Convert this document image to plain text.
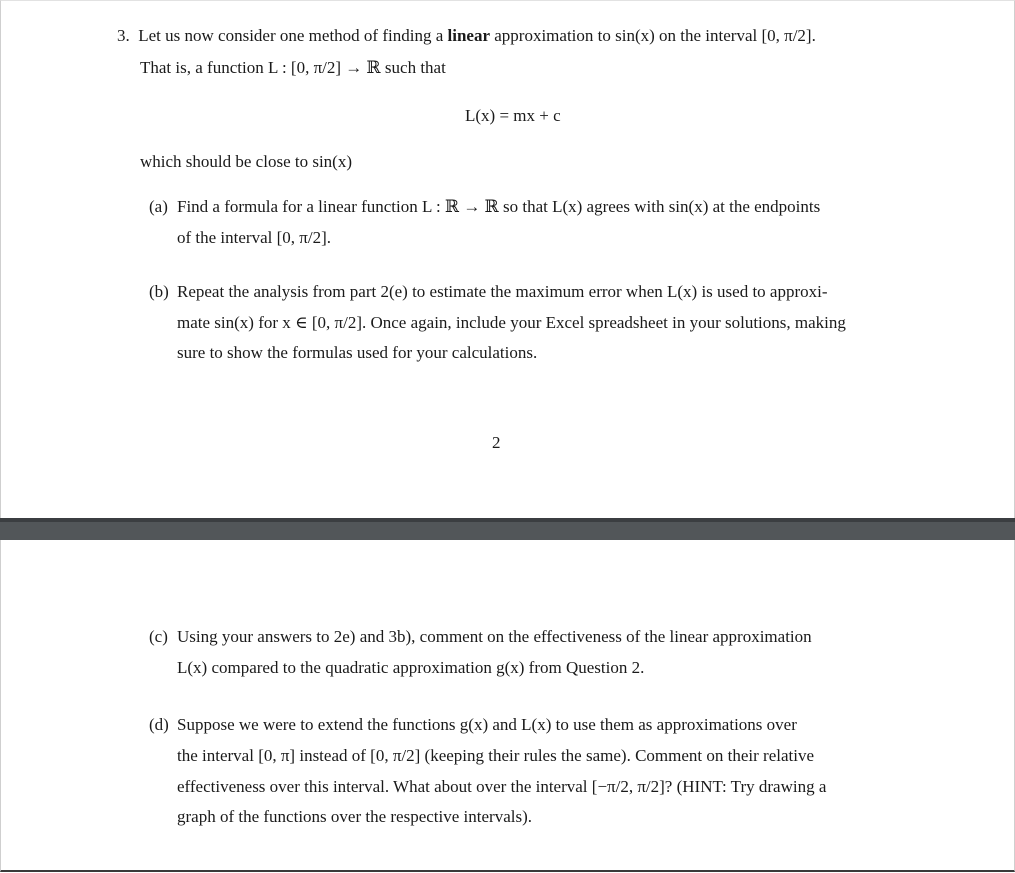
3. Let us now consider one method of finding a linear approximation to sin(x) on the interval [0, π/2].
That is, a function L : [0, π/2] → ℝ such that
L(x) = mx + c
which should be close to sin(x)
(a) Find a formula for a linear function L : ℝ → ℝ so that L(x) agrees with sin(x) at the endpoints
of the interval [0, π/2].
(b) Repeat the analysis from part 2(e) to estimate the maximum error when L(x) is used to approxi-
mate sin(x) for x ∈ [0, π/2]. Once again, include your Excel spreadsheet in your solutions, making
sure to show the formulas used for your calculations.
2
(c) Using your answers to 2e) and 3b), comment on the effectiveness of the linear approximation
L(x) compared to the quadratic approximation g(x) from Question 2.
(d) Suppose we were to extend the functions g(x) and L(x) to use them as approximations over
the interval [0, π] instead of [0, π/2] (keeping their rules the same). Comment on their relative
effectiveness over this interval. What about over the interval [−π/2, π/2]? (HINT: Try drawing a
graph of the functions over the respective intervals).
